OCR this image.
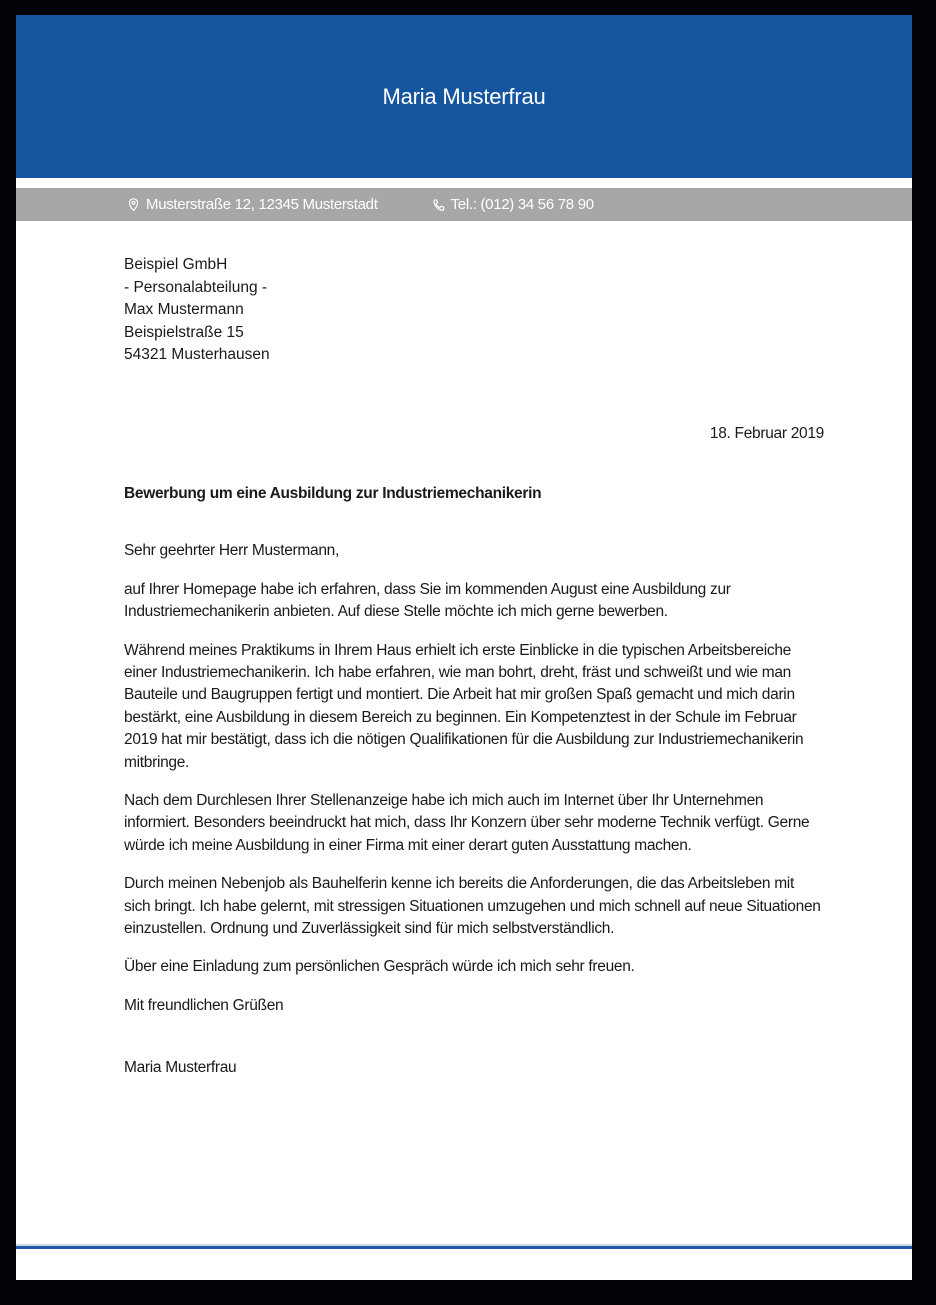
Maria Musterfrau
Musterstraße 12, 12345 Musterstadt	Tel.: (012) 34 56 78 90
Beispiel GmbH
- Personalabteilung -
Max Mustermann
Beispielstraße 15
54321 Musterhausen
18. Februar 2019
Bewerbung um eine Ausbildung zur Industriemechanikerin

Sehr geehrter Herr Mustermann,

auf Ihrer Homepage habe ich erfahren, dass Sie im kommenden August eine Ausbildung zur Industriemechanikerin anbieten. Auf diese Stelle möchte ich mich gerne bewerben.

Während meines Praktikums in Ihrem Haus erhielt ich erste Einblicke in die typischen Arbeitsbereiche einer Industriemechanikerin. Ich habe erfahren, wie man bohrt, dreht, fräst und schweißt und wie man Bauteile und Baugruppen fertigt und montiert. Die Arbeit hat mir großen Spaß gemacht und mich darin bestärkt, eine Ausbildung in diesem Bereich zu beginnen. Ein Kompetenztest in der Schule im Februar 2019 hat mir bestätigt, dass ich die nötigen Qualifikationen für die Ausbildung zur Industriemechanikerin mitbringe.

Nach dem Durchlesen Ihrer Stellenanzeige habe ich mich auch im Internet über Ihr Unternehmen informiert. Besonders beeindruckt hat mich, dass Ihr Konzern über sehr moderne Technik verfügt. Gerne würde ich meine Ausbildung in einer Firma mit einer derart guten Ausstattung machen.

Durch meinen Nebenjob als Bauhelferin kenne ich bereits die Anforderungen, die das Arbeitsleben mit sich bringt. Ich habe gelernt, mit stressigen Situationen umzugehen und mich schnell auf neue Situationen einzustellen. Ordnung und Zuverlässigkeit sind für mich selbstverständlich.

Über eine Einladung zum persönlichen Gespräch würde ich mich sehr freuen.

Mit freundlichen Grüßen

Maria Musterfrau
